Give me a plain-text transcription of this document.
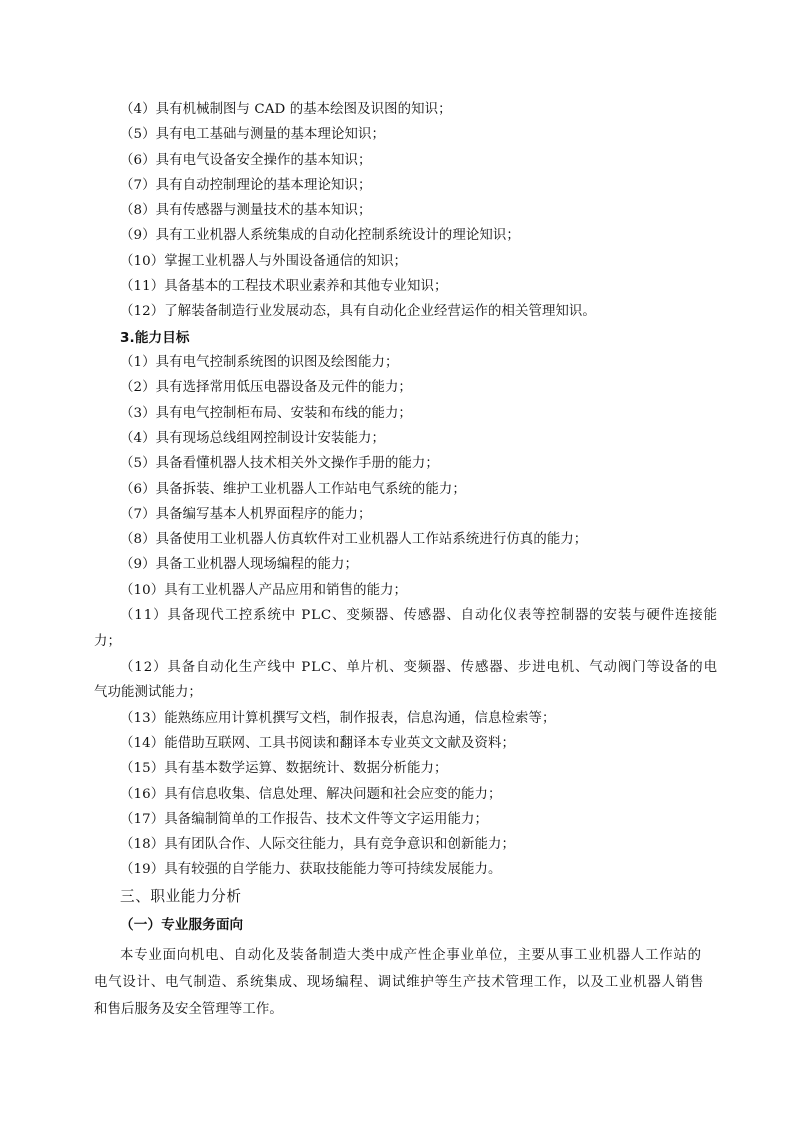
（4）具有机械制图与 CAD 的基本绘图及识图的知识；
（5）具有电工基础与测量的基本理论知识；
（6）具有电气设备安全操作的基本知识；
（7）具有自动控制理论的基本理论知识；
（8）具有传感器与测量技术的基本知识；
（9）具有工业机器人系统集成的自动化控制系统设计的理论知识；
（10）掌握工业机器人与外围设备通信的知识；
（11）具备基本的工程技术职业素养和其他专业知识；
（12）了解装备制造行业发展动态，具有自动化企业经营运作的相关管理知识。
3.能力目标
（1）具有电气控制系统图的识图及绘图能力；
（2）具有选择常用低压电器设备及元件的能力；
（3）具有电气控制柜布局、安装和布线的能力；
（4）具有现场总线组网控制设计安装能力；
（5）具备看懂机器人技术相关外文操作手册的能力；
（6）具备拆装、维护工业机器人工作站电气系统的能力；
（7）具备编写基本人机界面程序的能力；
（8）具备使用工业机器人仿真软件对工业机器人工作站系统进行仿真的能力；
（9）具备工业机器人现场编程的能力；
（10）具有工业机器人产品应用和销售的能力；
（11）具备现代工控系统中 PLC、变频器、传感器、自动化仪表等控制器的安装与硬件连接能
力；
（12）具备自动化生产线中 PLC、单片机、变频器、传感器、步进电机、气动阀门等设备的电
气功能测试能力；
（13）能熟练应用计算机撰写文档，制作报表，信息沟通，信息检索等；
（14）能借助互联网、工具书阅读和翻译本专业英文文献及资料；
（15）具有基本数学运算、数据统计、数据分析能力；
（16）具有信息收集、信息处理、解决问题和社会应变的能力；
（17）具备编制简单的工作报告、技术文件等文字运用能力；
（18）具有团队合作、人际交往能力，具有竞争意识和创新能力；
（19）具有较强的自学能力、获取技能能力等可持续发展能力。
三、职业能力分析
（一）专业服务面向
本专业面向机电、自动化及装备制造大类中成产性企事业单位，主要从事工业机器人工作站的
电气设计、电气制造、系统集成、现场编程、调试维护等生产技术管理工作，以及工业机器人销售
和售后服务及安全管理等工作。
